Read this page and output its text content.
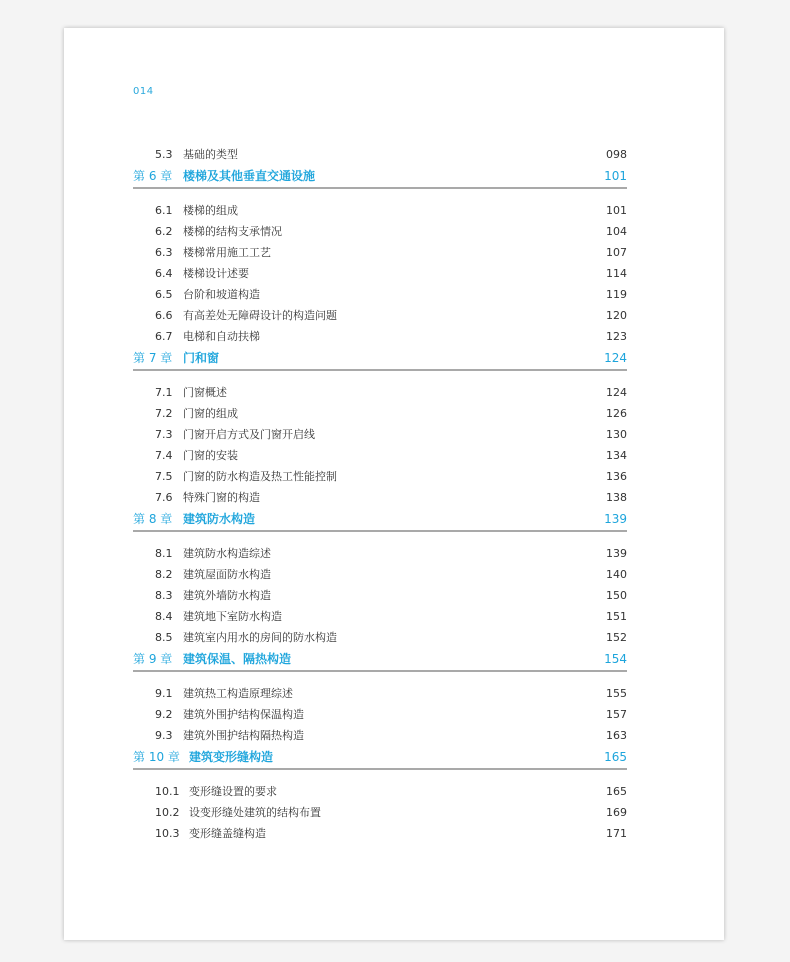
014
5.3 基础的类型	098
第 6 章 楼梯及其他垂直交通设施	101
6.1 楼梯的组成	101
6.2 楼梯的结构支承情况	104
6.3 楼梯常用施工工艺	107
6.4 楼梯设计述要	114
6.5 台阶和坡道构造	119
6.6 有高差处无障碍设计的构造问题	120
6.7 电梯和自动扶梯	123
第 7 章 门和窗	124
7.1 门窗概述	124
7.2 门窗的组成	126
7.3 门窗开启方式及门窗开启线	130
7.4 门窗的安装	134
7.5 门窗的防水构造及热工性能控制	136
7.6 特殊门窗的构造	138
第 8 章 建筑防水构造	139
8.1 建筑防水构造综述	139
8.2 建筑屋面防水构造	140
8.3 建筑外墙防水构造	150
8.4 建筑地下室防水构造	151
8.5 建筑室内用水的房间的防水构造	152
第 9 章 建筑保温、隔热构造	154
9.1 建筑热工构造原理综述	155
9.2 建筑外围护结构保温构造	157
9.3 建筑外围护结构隔热构造	163
第 10 章 建筑变形缝构造	165
10.1 变形缝设置的要求	165
10.2 设变形缝处建筑的结构布置	169
10.3 变形缝盖缝构造	171
